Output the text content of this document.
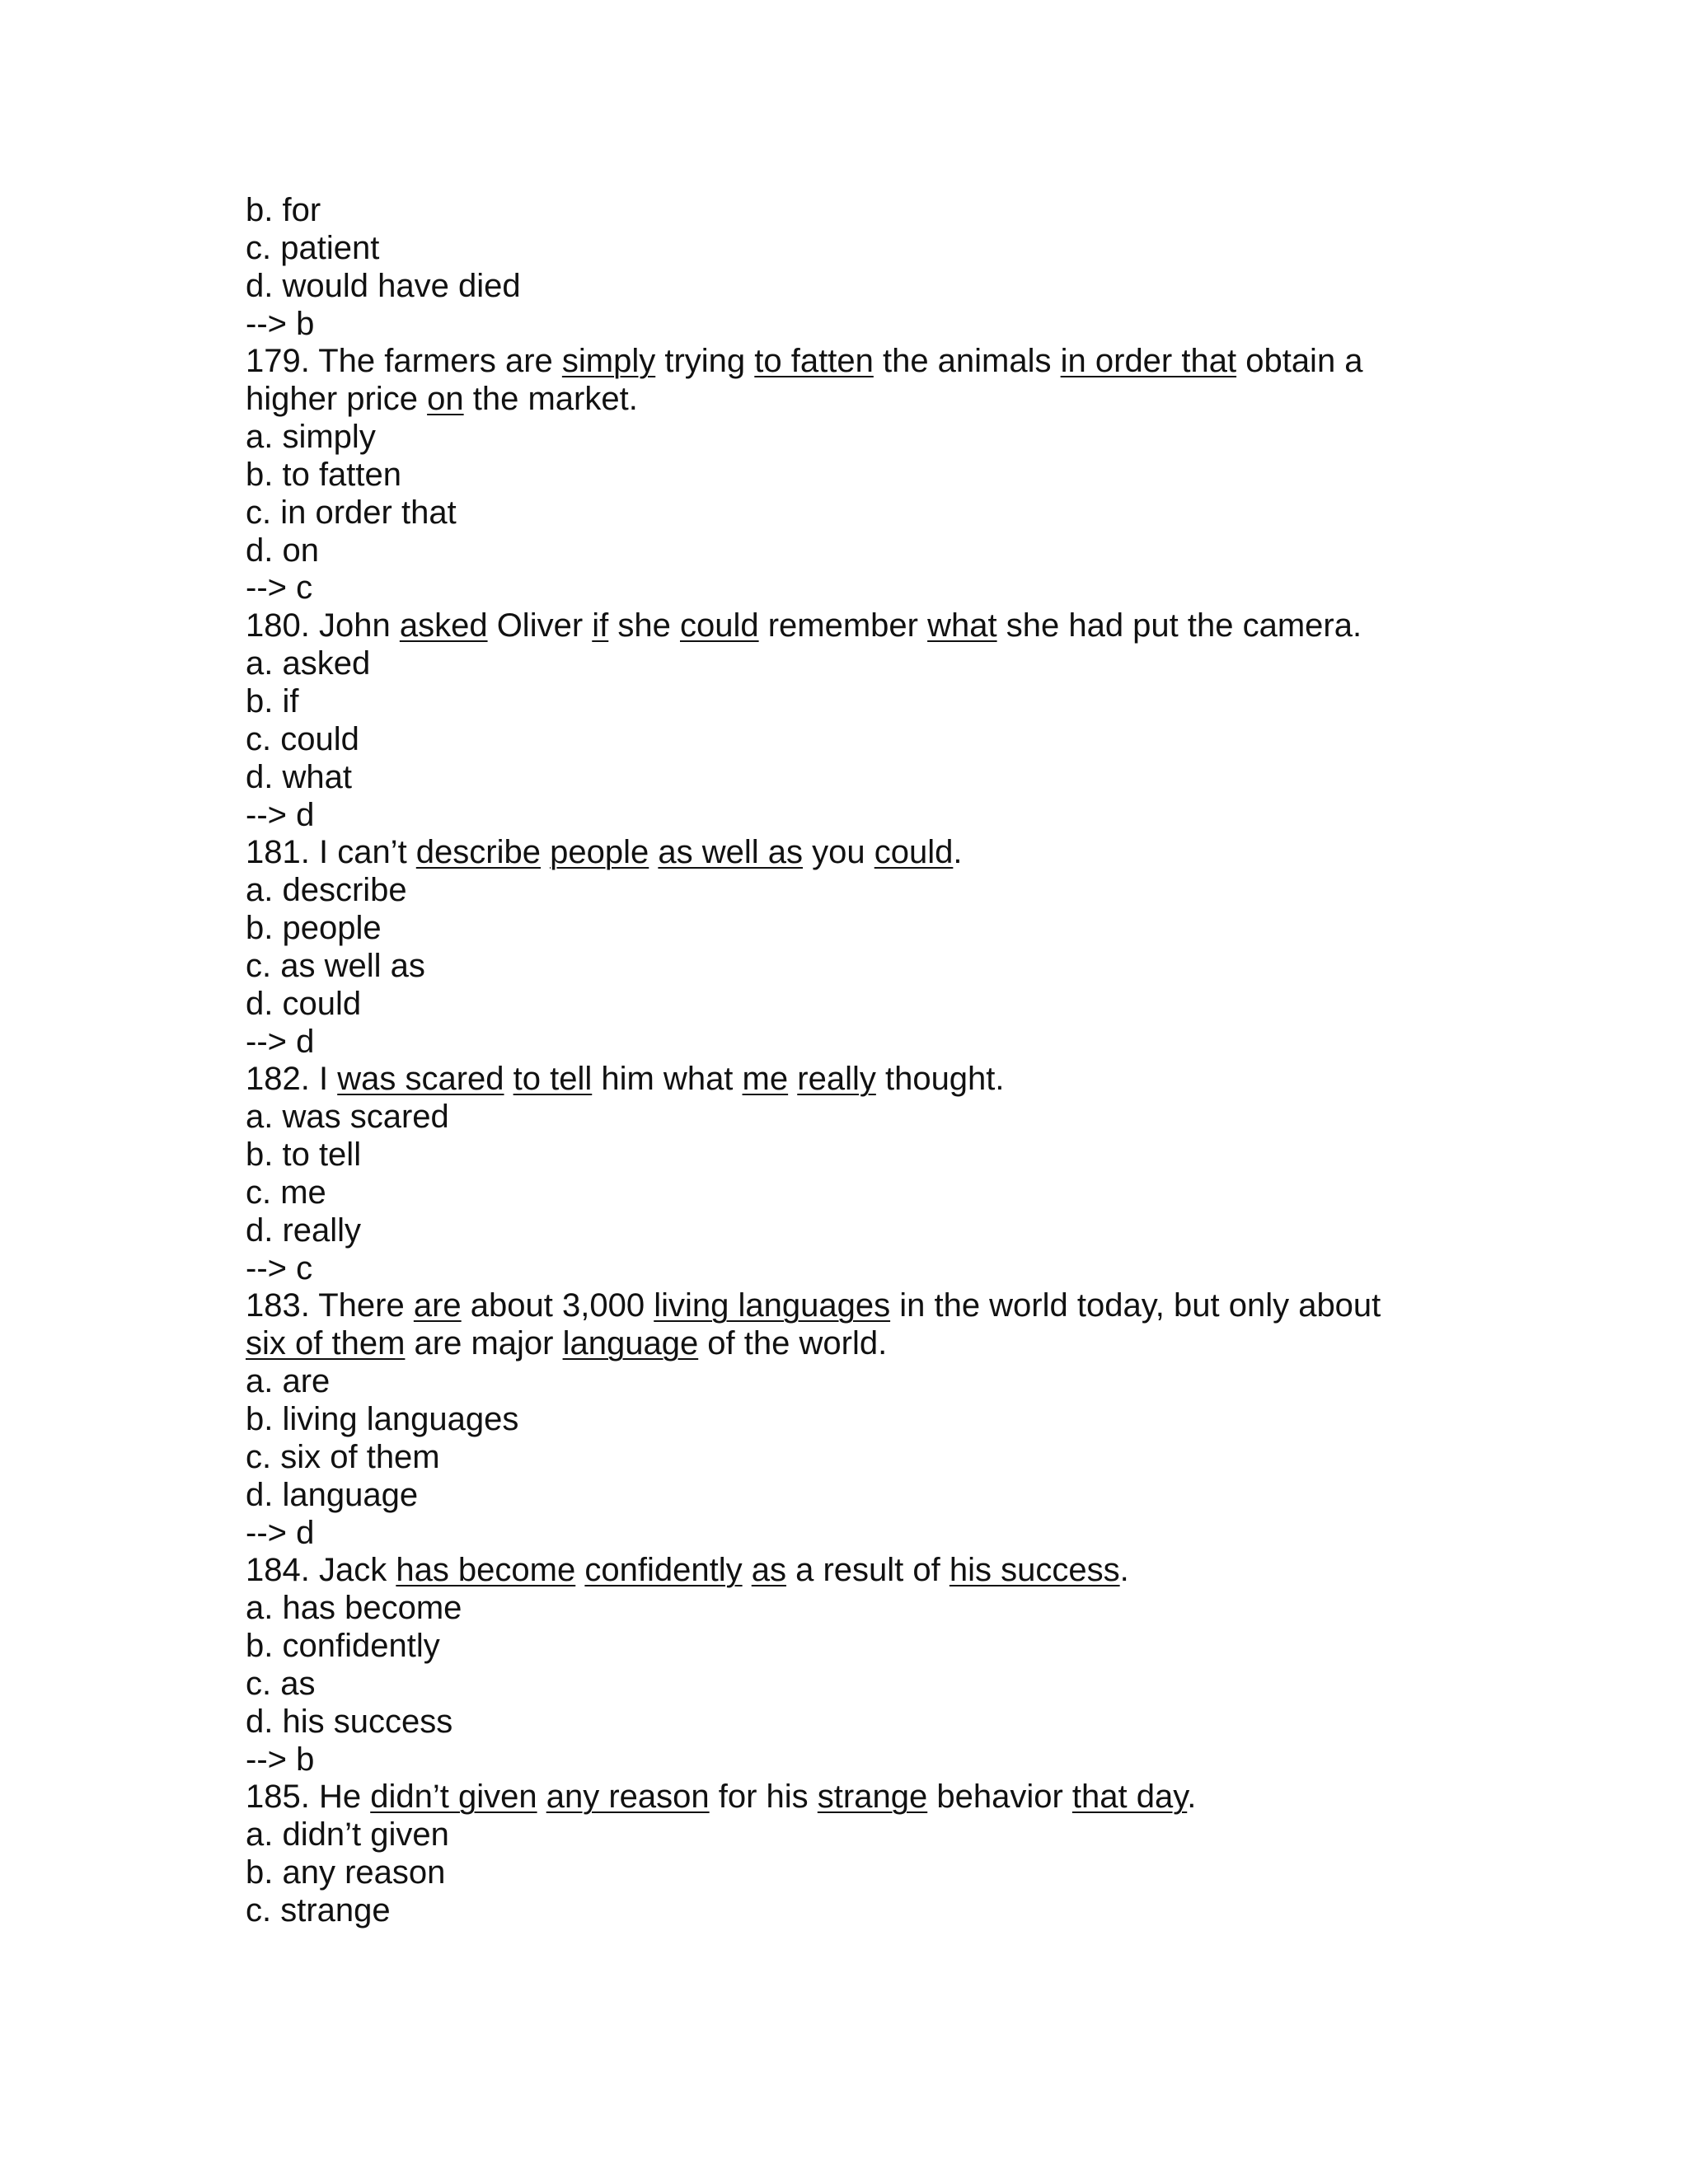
b. for
c. patient
d. would have died
--> b
179. The farmers are simply trying to fatten the animals in order that obtain a
higher price on the market.
a. simply
b. to fatten
c. in order that
d. on
--> c
180. John asked Oliver if she could remember what she had put the camera.
a. asked
b. if
c. could
d. what
--> d
181. I can’t describe people as well as you could.
a. describe
b. people
c. as well as
d. could
--> d
182. I was scared to tell him what me really thought.
a. was scared
b. to tell
c. me
d. really
--> c
183. There are about 3,000 living languages in the world today, but only about
six of them are major language of the world.
a. are
b. living languages
c. six of them
d. language
--> d
184. Jack has become confidently as a result of his success.
a. has become
b. confidently
c. as
d. his success
--> b
185. He didn’t given any reason for his strange behavior that day.
a. didn’t given
b. any reason
c. strange
